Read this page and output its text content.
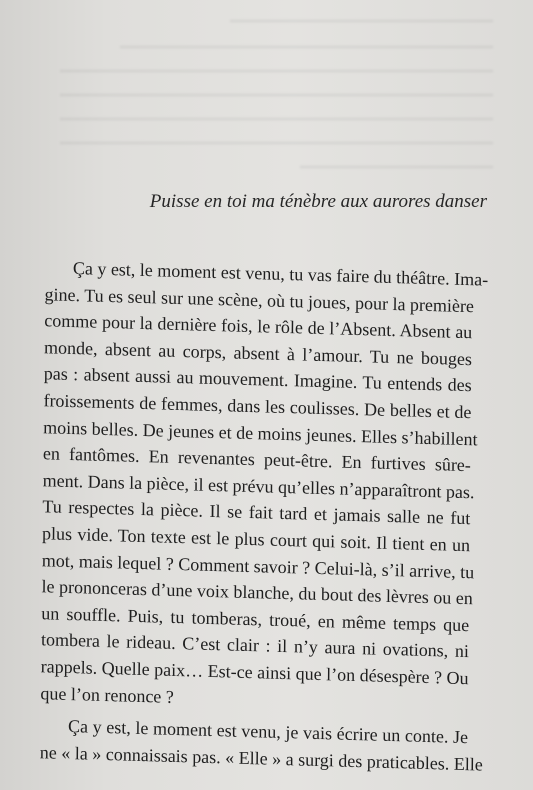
Puisse en toi ma ténèbre aux aurores danser
Ça y est, le moment est venu, tu vas faire du théâtre. Ima-
gine. Tu es seul sur une scène, où tu joues, pour la première
comme pour la dernière fois, le rôle de l’Absent. Absent au
monde, absent au corps, absent à l’amour. Tu ne bouges
pas : absent aussi au mouvement. Imagine. Tu entends des
froissements de femmes, dans les coulisses. De belles et de
moins belles. De jeunes et de moins jeunes. Elles s’habillent
en fantômes. En revenantes peut-être. En furtives sûre-
ment. Dans la pièce, il est prévu qu’elles n’apparaîtront pas.
Tu respectes la pièce. Il se fait tard et jamais salle ne fut
plus vide. Ton texte est le plus court qui soit. Il tient en un
mot, mais lequel ? Comment savoir ? Celui-là, s’il arrive, tu
le prononceras d’une voix blanche, du bout des lèvres ou en
un souffle. Puis, tu tomberas, troué, en même temps que
tombera le rideau. C’est clair : il n’y aura ni ovations, ni
rappels. Quelle paix… Est-ce ainsi que l’on désespère ? Ou
que l’on renonce ?
Ça y est, le moment est venu, je vais écrire un conte. Je
ne « la » connaissais pas. « Elle » a surgi des praticables. Elle
